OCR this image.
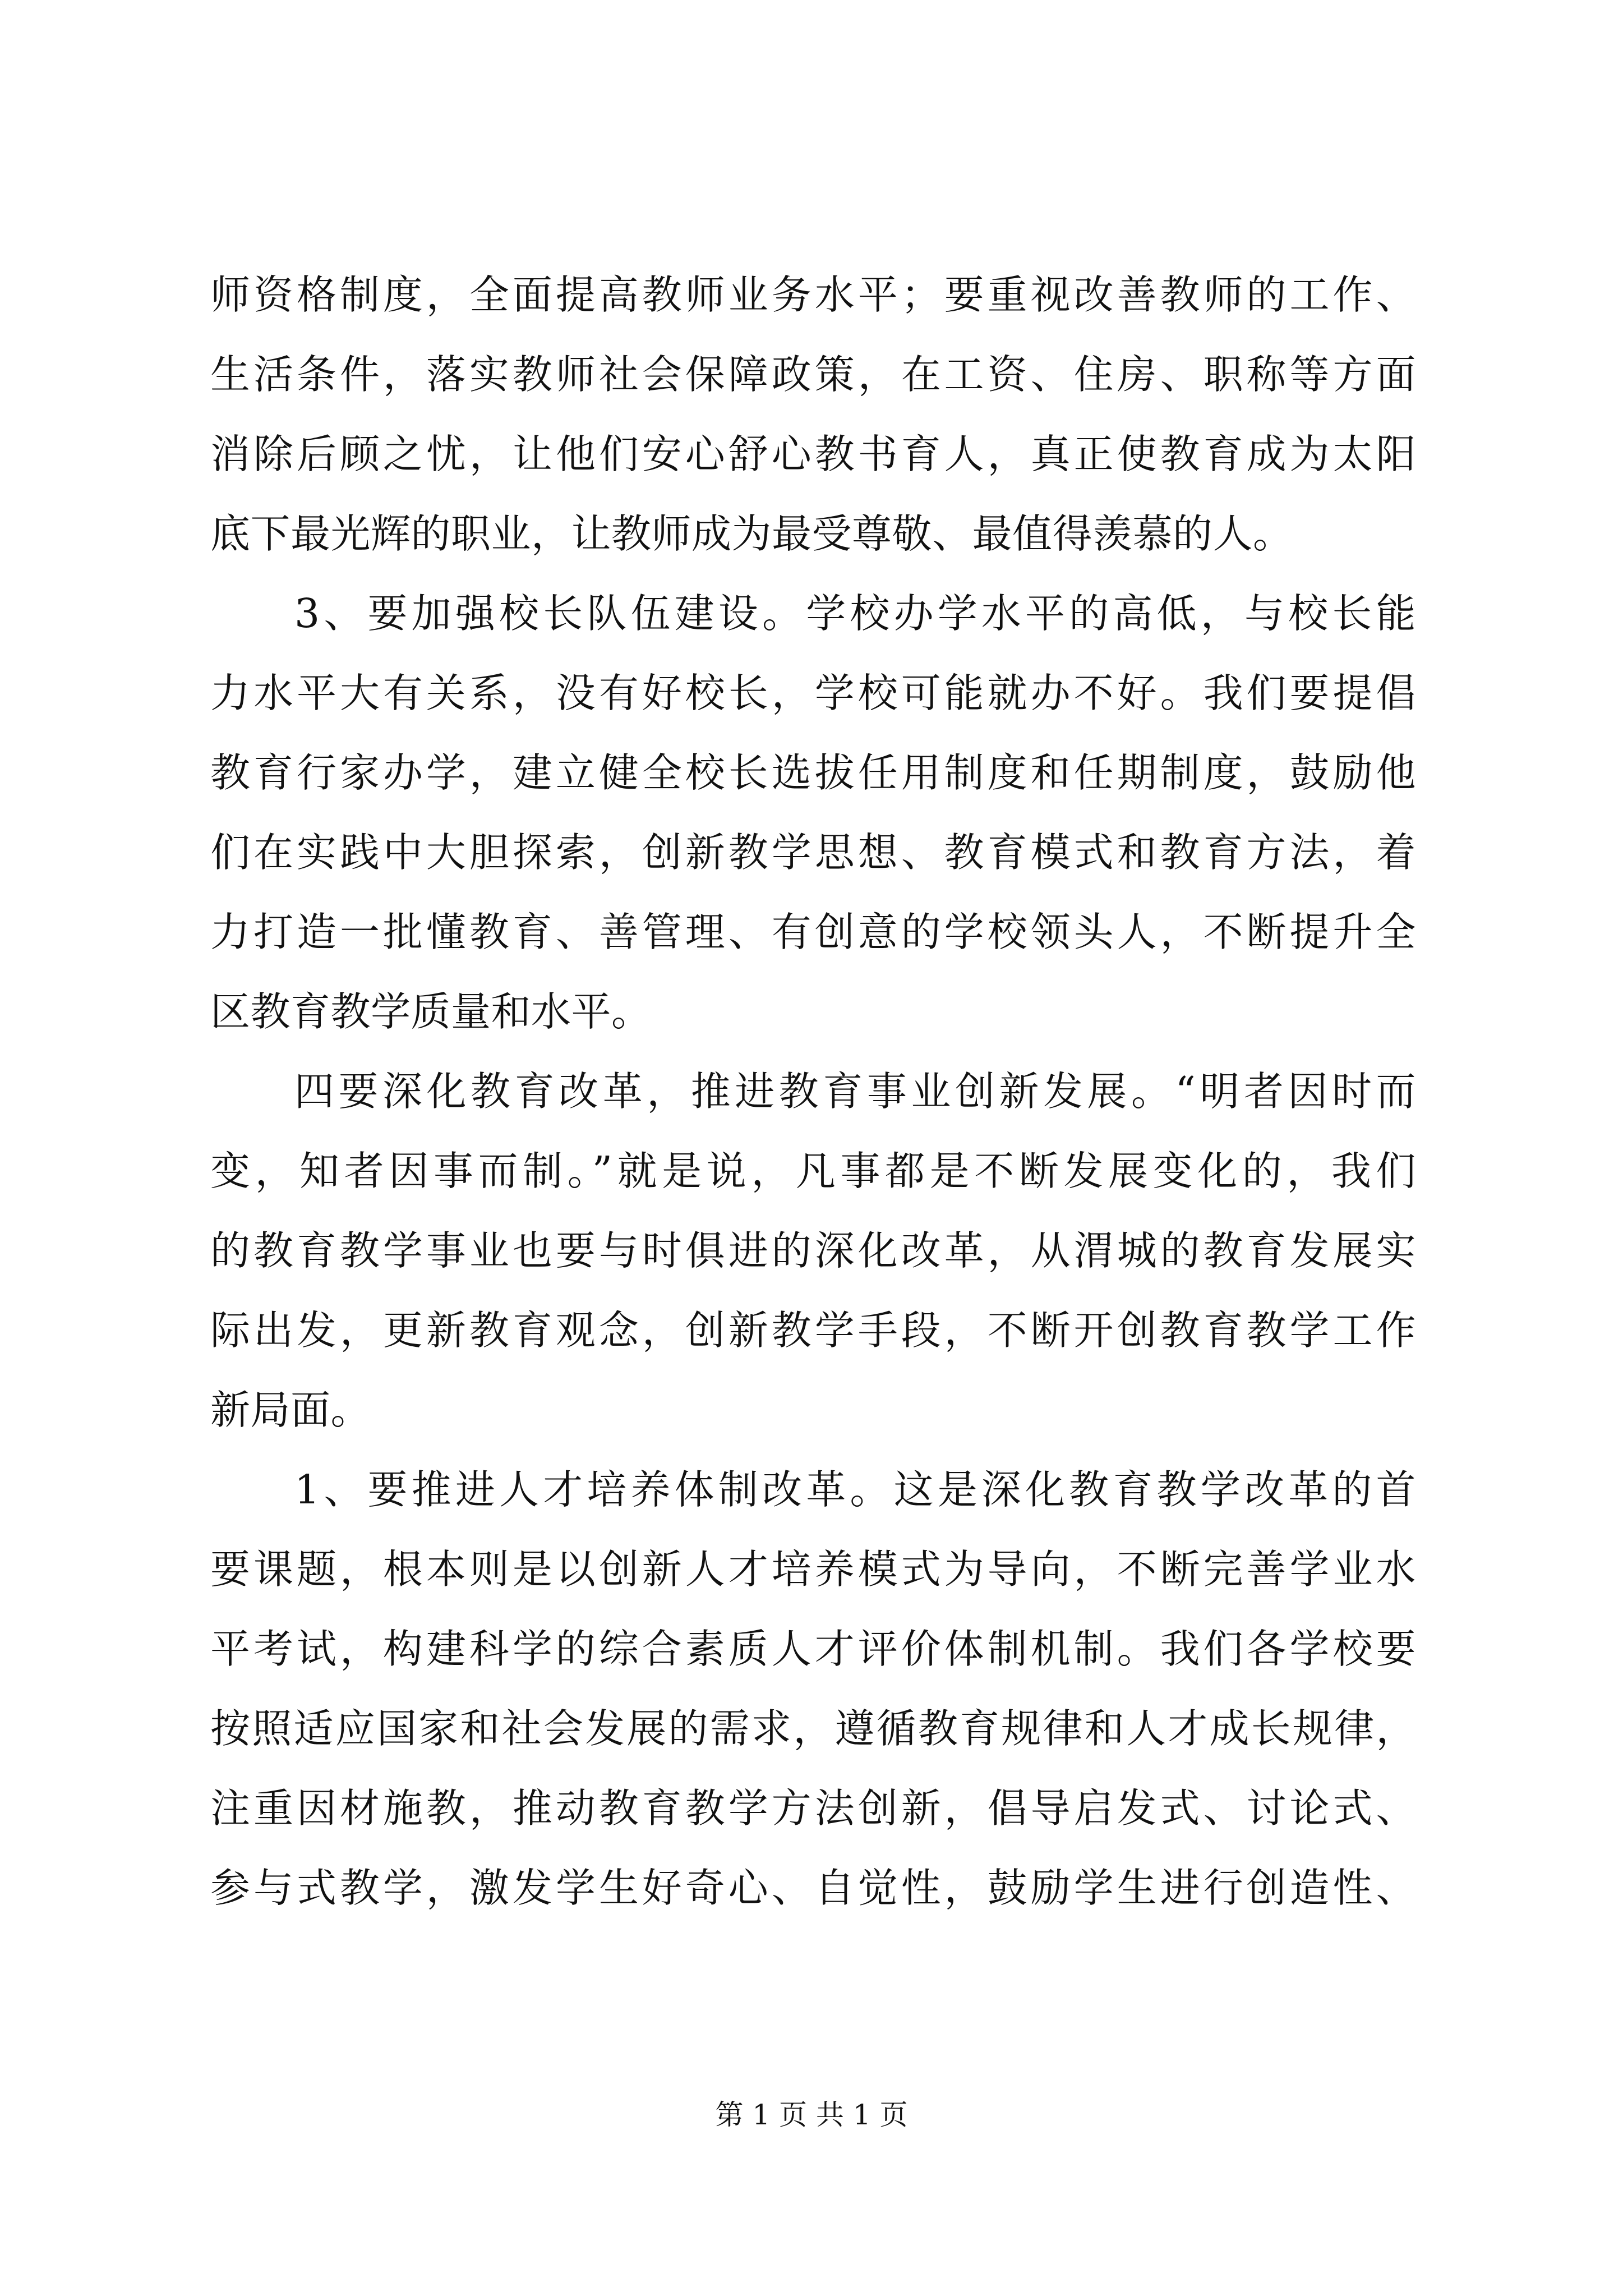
师资格制度，全面提高教师业务水平；要重视改善教师的工作、
生活条件，落实教师社会保障政策，在工资、住房、职称等方面
消除后顾之忧，让他们安心舒心教书育人，真正使教育成为太阳
底下最光辉的职业，让教师成为最受尊敬、最值得羡慕的人。
3、要加强校长队伍建设。学校办学水平的高低，与校长能
力水平大有关系，没有好校长，学校可能就办不好。我们要提倡
教育行家办学，建立健全校长选拔任用制度和任期制度，鼓励他
们在实践中大胆探索，创新教学思想、教育模式和教育方法，着
力打造一批懂教育、善管理、有创意的学校领头人，不断提升全
区教育教学质量和水平。
四要深化教育改革，推进教育事业创新发展。“明者因时而
变，知者因事而制。”就是说，凡事都是不断发展变化的，我们
的教育教学事业也要与时俱进的深化改革，从渭城的教育发展实
际出发，更新教育观念，创新教学手段，不断开创教育教学工作
新局面。
1、要推进人才培养体制改革。这是深化教育教学改革的首
要课题，根本则是以创新人才培养模式为导向，不断完善学业水
平考试，构建科学的综合素质人才评价体制机制。我们各学校要
按照适应国家和社会发展的需求，遵循教育规律和人才成长规律，
注重因材施教，推动教育教学方法创新，倡导启发式、讨论式、
参与式教学，激发学生好奇心、自觉性，鼓励学生进行创造性、
第 1 页 共 1 页
